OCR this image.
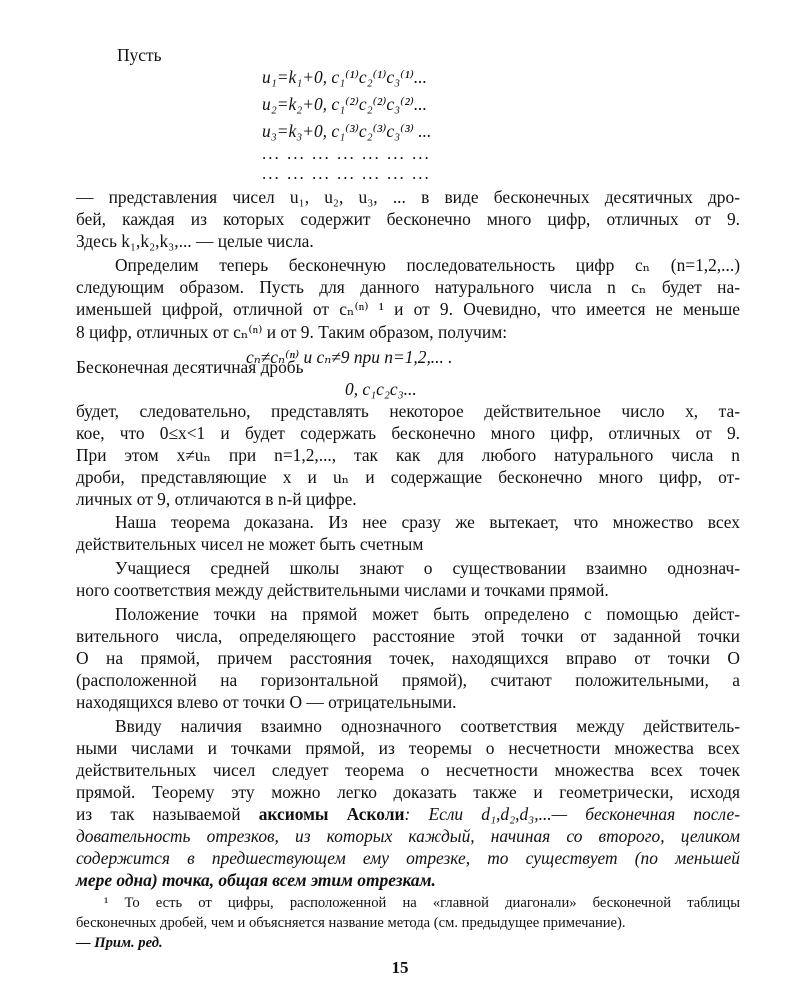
Пусть
u₁=k₁+0, c₁⁽¹⁾c₂⁽¹⁾c₃⁽¹⁾...
u₂=k₂+0, c₁⁽²⁾c₂⁽²⁾c₃⁽²⁾...
u₃=k₃+0, c₁⁽³⁾c₂⁽³⁾c₃⁽³⁾ ...
... ... ... ... ... ... ...
... ... ... ... ... ... ...
— представления чисел u₁, u₂, u₃, ... в виде бесконечных десятичных дро-
бей, каждая из которых содержит бесконечно много цифр, отличных от 9.
Здесь k₁,k₂,k₃,... — целые числа.
Определим теперь бесконечную последовательность цифр cₙ (n=1,2,...)
следующим образом. Пусть для данного натурального числа n cₙ будет на-
именьшей цифрой, отличной от cₙ⁽ⁿ⁾ ¹ и от 9. Очевидно, что имеется не меньше
8 цифр, отличных от cₙ⁽ⁿ⁾ и от 9. Таким образом, получим:
cₙ≠cₙ⁽ⁿ⁾ и cₙ≠9 при n=1,2,... .
Бесконечная десятичная дробь
0, c₁c₂c₃...
будет, следовательно, представлять некоторое действительное число x, та-
кое, что 0≤x<1 и будет содержать бесконечно много цифр, отличных от 9.
При этом x≠uₙ при n=1,2,..., так как для любого натурального числа n
дроби, представляющие x и uₙ и содержащие бесконечно много цифр, от-
личных от 9, отличаются в n-й цифре.
Наша теорема доказана. Из нее сразу же вытекает, что множество всех
действительных чисел не может быть счетным
Учащиеся средней школы знают о существовании взаимно однознач-
ного соответствия между действительными числами и точками прямой.
Положение точки на прямой может быть определено с помощью дейст-
вительного числа, определяющего расстояние этой точки от заданной точки
O на прямой, причем расстояния точек, находящихся вправо от точки O
(расположенной на горизонтальной прямой), считают положительными, а
находящихся влево от точки O — отрицательными.
Ввиду наличия взаимно однозначного соответствия между действитель-
ными числами и точками прямой, из теоремы о несчетности множества всех
действительных чисел следует теорема о несчетности множества всех точек
прямой. Теорему эту можно легко доказать также и геометрически, исходя
из так называемой аксиомы Асколи: Если d₁,d₂,d₃,...— бесконечная после-
довательность отрезков, из которых каждый, начиная со второго, целиком
содержится в предшествующем ему отрезке, то существует (по меньшей
мере одна) точка, общая всем этим отрезкам.
¹ То есть от цифры, расположенной на «главной диагонали» бесконечной таблицы
бесконечных дробей, чем и объясняется название метода (см. предыдущее примечание).
— Прим. ред.
15
